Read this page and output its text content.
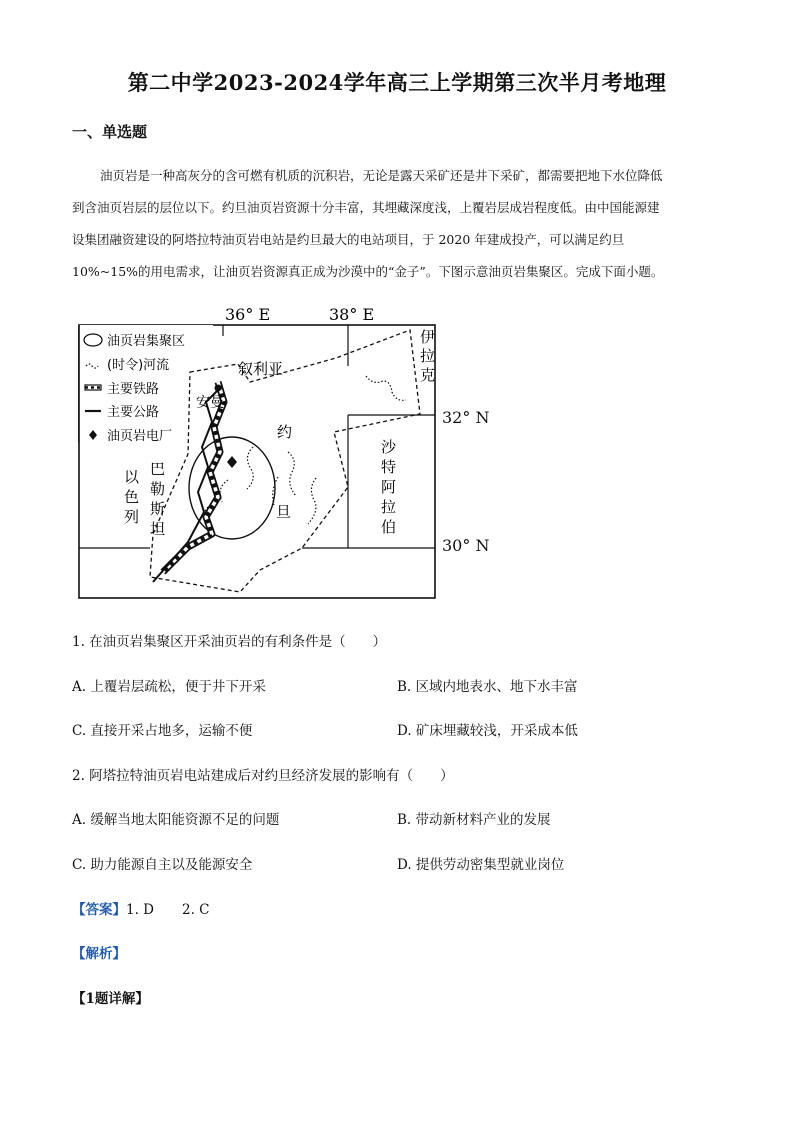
第二中学2023-2024学年高三上学期第三次半月考地理
一、单选题
油页岩是一种高灰分的含可燃有机质的沉积岩，无论是露天采矿还是井下采矿，都需要把地下水位降低
到含油页岩层的层位以下。约旦油页岩资源十分丰富，其埋藏深度浅，上覆岩层成岩程度低。由中国能源建
设集团融资建设的阿塔拉特油页岩电站是约旦最大的电站项目，于 2020 年建成投产，可以满足约旦
10%~15%的用电需求，让油页岩资源真正成为沙漠中的“金子”。下图示意油页岩集聚区。完成下面小题。
油页岩集聚区
(时令)河流
主要铁路
主要公路
油页岩电厂
36° E	38° E
叙利亚
安曼
约
旦
伊
拉
克
沙
特
阿
拉
伯
巴
勒
斯
坦
以
色
列
32° N
30° N
1. 在油页岩集聚区开采油页岩的有利条件是（　　）
A. 上覆岩层疏松，便于井下开采	B. 区域内地表水、地下水丰富
C. 直接开采占地多，运输不便	D. 矿床埋藏较浅，开采成本低
2. 阿塔拉特油页岩电站建成后对约旦经济发展的影响有（　　）
A. 缓解当地太阳能资源不足的问题	B. 带动新材料产业的发展
C. 助力能源自主以及能源安全	D. 提供劳动密集型就业岗位
【答案】1. D 2. C
【解析】
【1题详解】
